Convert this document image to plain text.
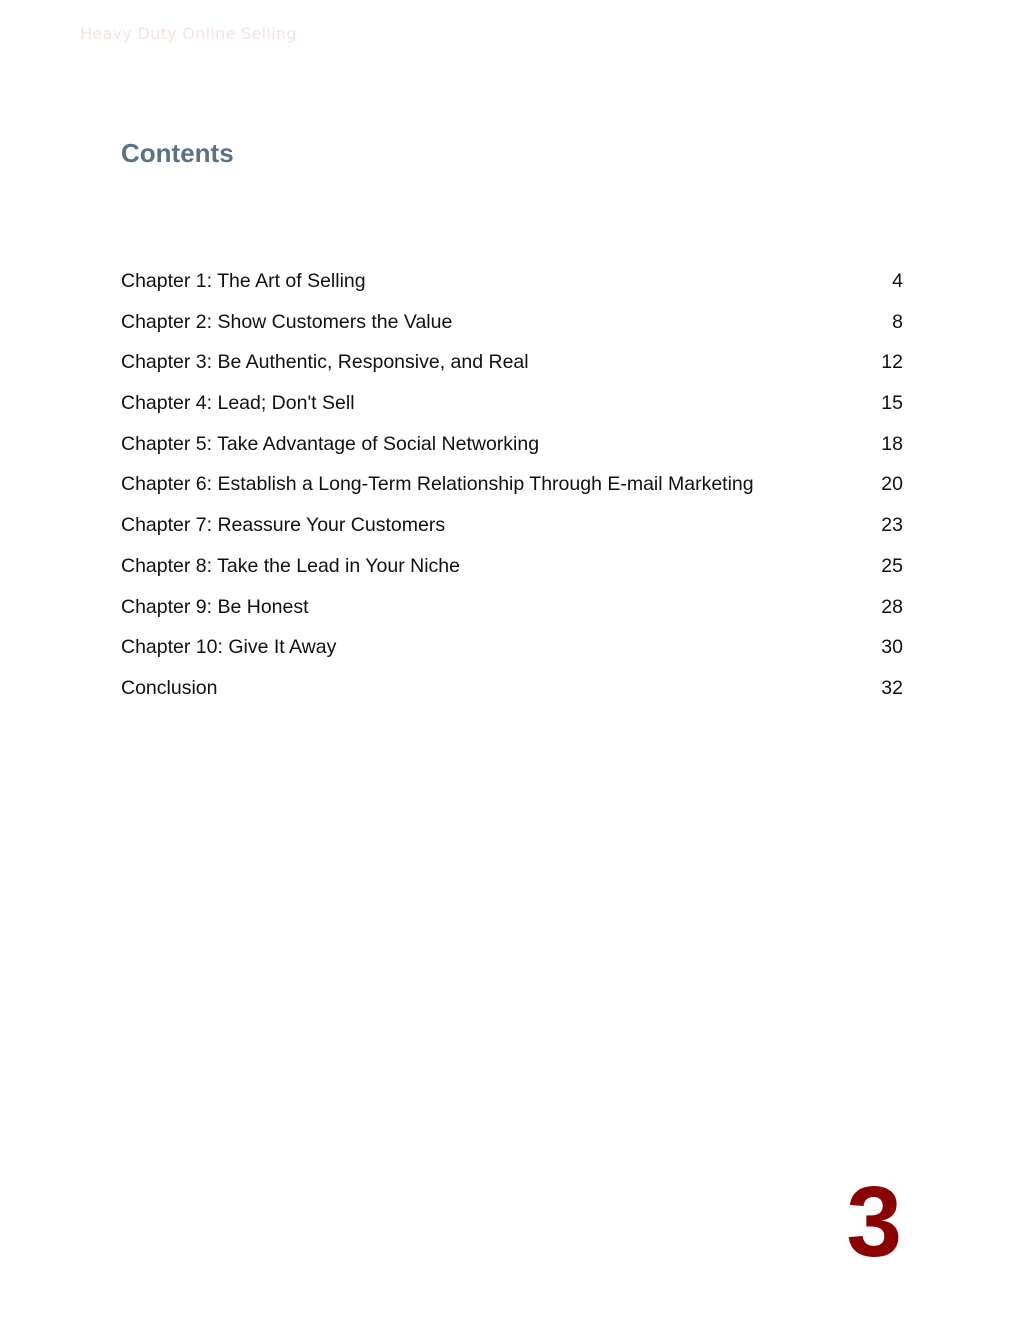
Heavy Duty Online Selling
Contents
Chapter 1: The Art of Selling	4
Chapter 2: Show Customers the Value	8
Chapter 3: Be Authentic, Responsive, and Real	12
Chapter 4: Lead; Don't Sell	15
Chapter 5: Take Advantage of Social Networking	18
Chapter 6: Establish a Long-Term Relationship Through E-mail Marketing	20
Chapter 7: Reassure Your Customers	23
Chapter 8: Take the Lead in Your Niche	25
Chapter 9: Be Honest	28
Chapter 10: Give It Away	30
Conclusion	32
3
